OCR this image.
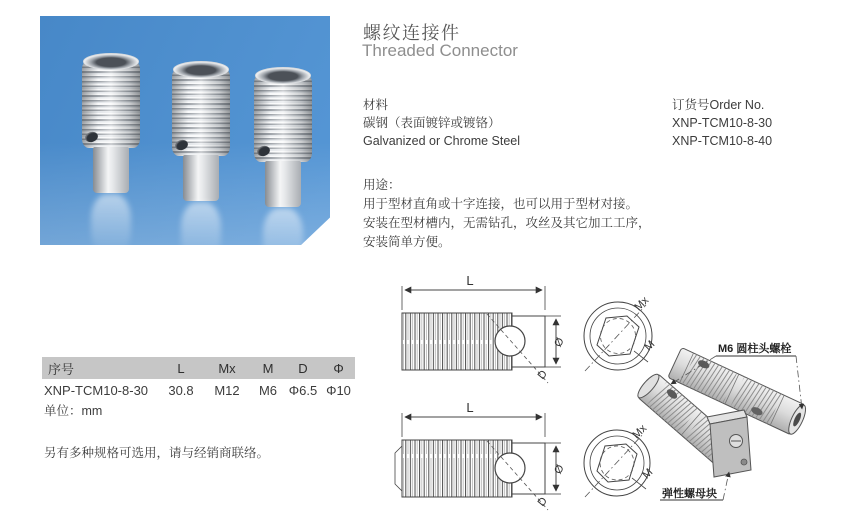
螺纹连接件
Threaded Connector
材料	订货号Order No.
碳钢（表面镀锌或镀铬）	XNP-TCM10-8-30
Galvanized or Chrome Steel	XNP-TCM10-8-40
用途：
用于型材直角或十字连接，也可以用于型材对接。
安装在型材槽内，无需钻孔，攻丝及其它加工工序，
安装简单方便。
序号	L	Mx	M	D	Φ
XNP-TCM10-8-30	30.8	M12	M6 Φ6.5 Φ10
单位：mm
另有多种规格可选用，请与经销商联络。
L
D
Ø
Mx
M
L
D
Ø
Mx
M
M6 圆柱头螺栓
弹性螺母块
